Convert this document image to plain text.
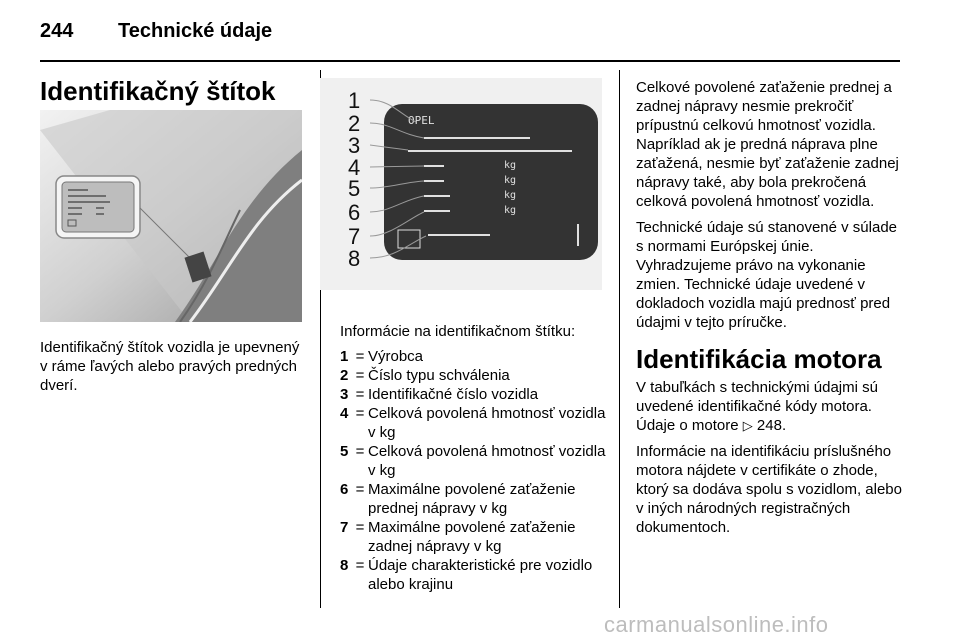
244 Technické údaje
Identifikačný štítok
Identifikačný štítok vozidla je upevnený v ráme ľavých alebo pravých predných dverí.
OPEL
kg
kg
kg
kg
1
2
3
4
5
6
7
8
Informácie na identifikačnom štítku:
1 = Výrobca
2 = Číslo typu schválenia
3 = Identifikačné číslo vozidla
4 = Celková povolená hmotnosť vozidla v kg
5 = Celková povolená hmotnosť vozidla v kg
6 = Maximálne povolené zaťaženie prednej nápravy v kg
7 = Maximálne povolené zaťaženie zadnej nápravy v kg
8 = Údaje charakteristické pre vozidlo alebo krajinu

Celkové povolené zaťaženie prednej a zadnej nápravy nesmie prekročiť prípustnú celkovú hmotnosť vozidla. Napríklad ak je predná náprava plne zaťažená, nesmie byť zaťaženie zadnej nápravy také, aby bola prekročená celková povolená hmotnosť vozidla.

Technické údaje sú stanovené v súlade s normami Európskej únie. Vyhradzujeme právo na vykonanie zmien. Technické údaje uvedené v dokladoch vozidla majú prednosť pred údajmi v tejto príručke.

Identifikácia motora

V tabuľkách s technickými údajmi sú uvedené identifikačné kódy motora. Údaje o motore ▷ 248.

Informácie na identifikáciu príslušného motora nájdete v certifikáte o zhode, ktorý sa dodáva spolu s vozidlom, alebo v iných národných registračných dokumentoch.

carmanualsonline.info
